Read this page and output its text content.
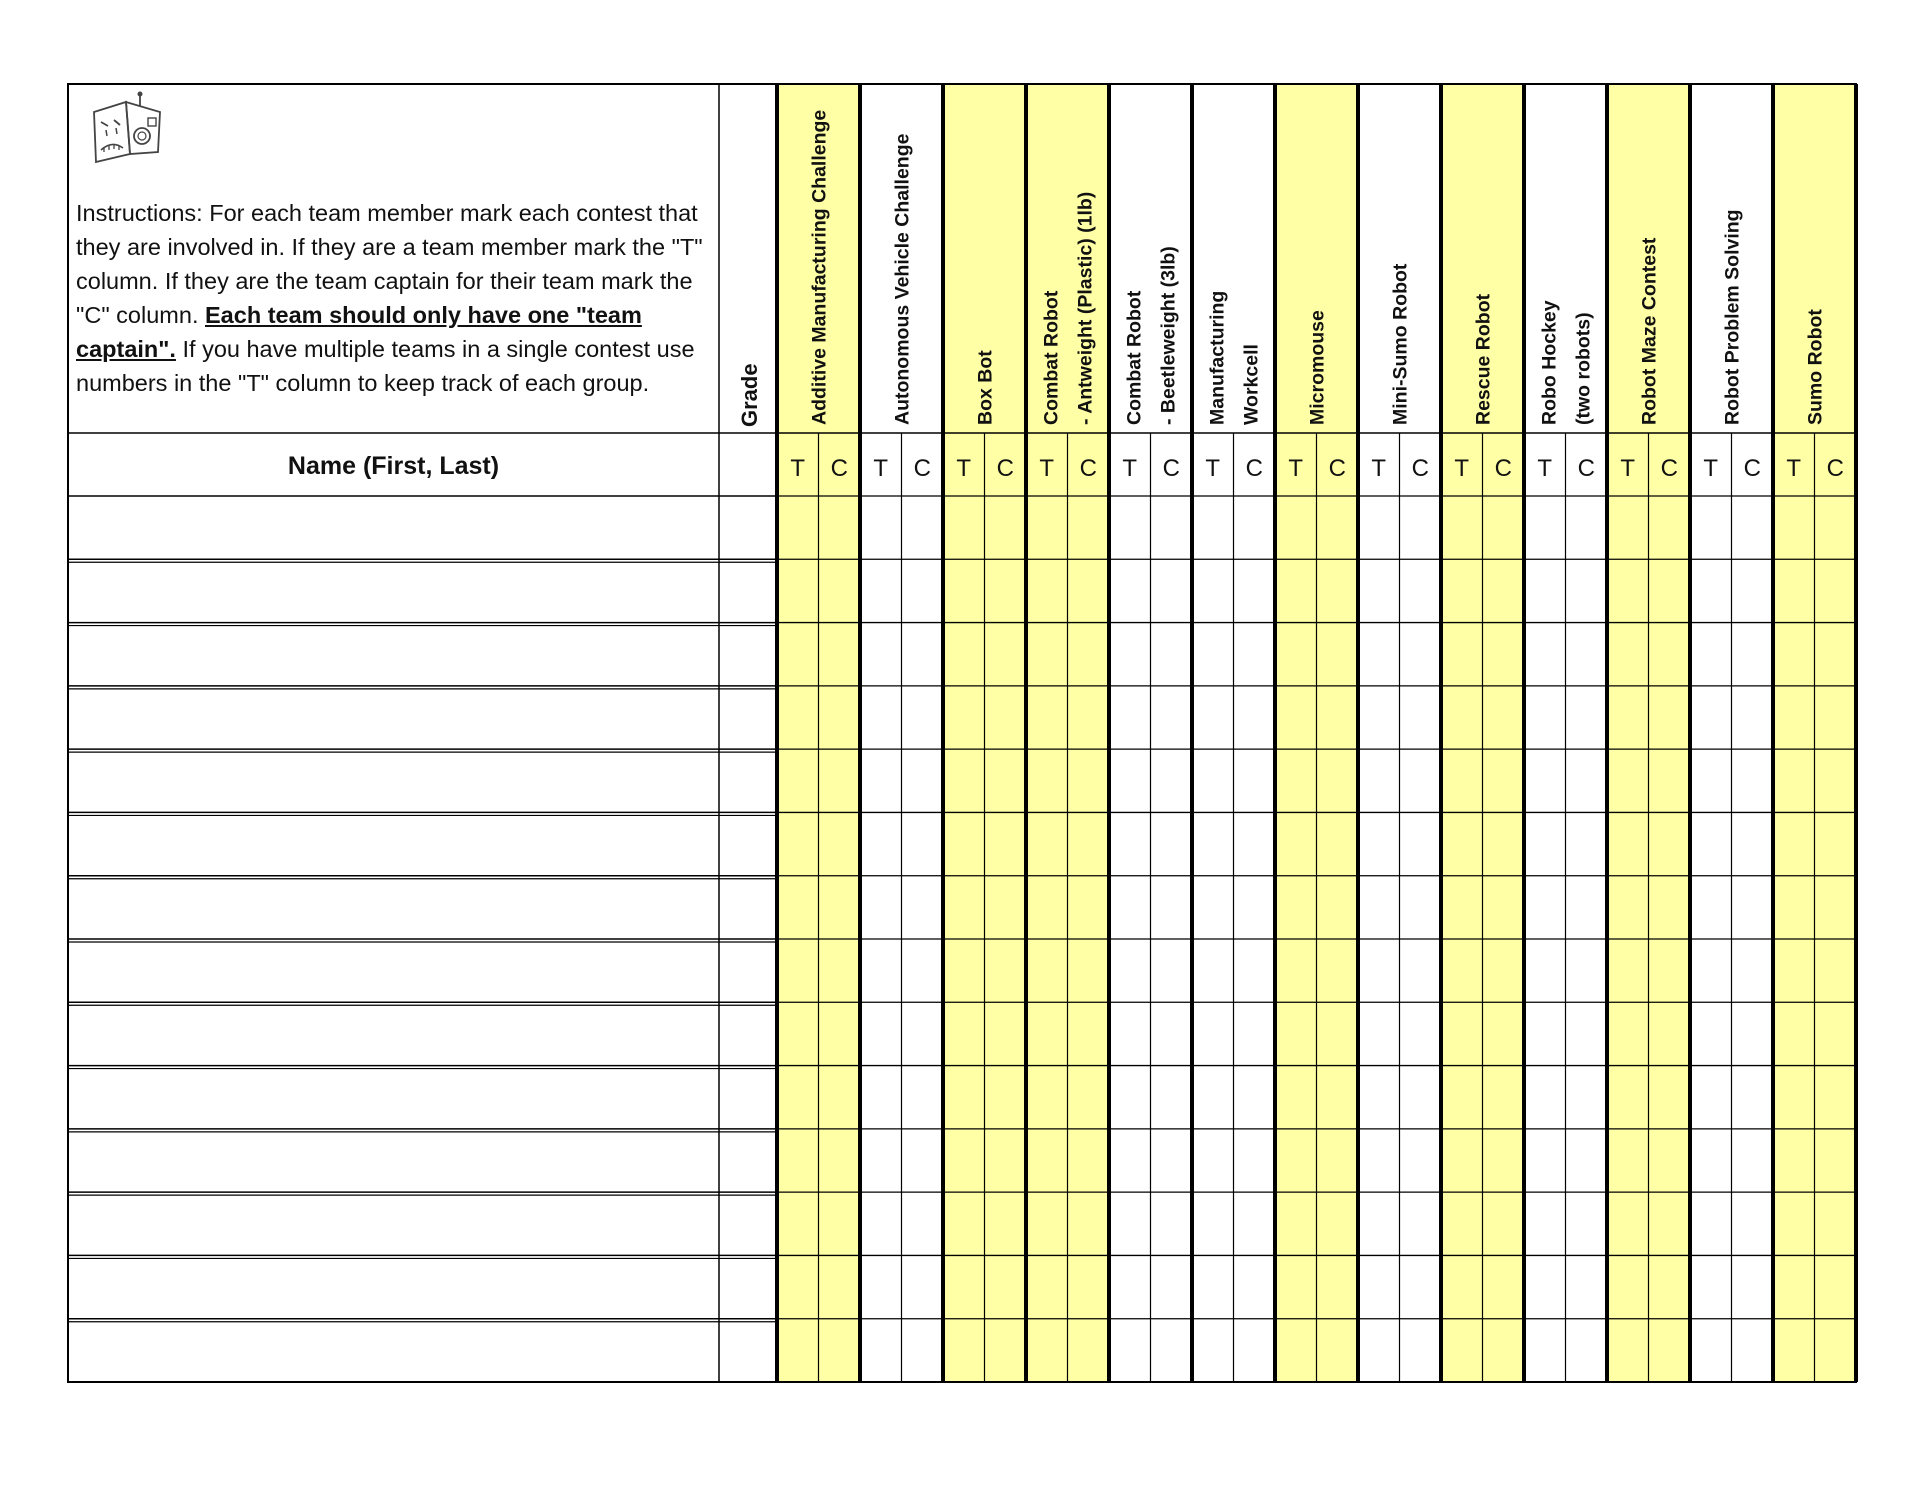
Instructions: For each team member mark each contest that they are involved in. If they are a team member mark the "T" column. If they are the team captain for their team mark the "C" column. Each team should only have one "team captain". If you have multiple teams in a single contest use numbers in the "T" column to keep track of each group.	Additive Manufacturing Challenge
T C
Autonomous Vehicle Challenge
T C
Box Bot
T C
Combat Robot - Antweight (Plastic) (1lb)
T C
Combat Robot - Beetleweight (3lb)
T C
Manufacturing Workcell
T C
Micromouse
T C
Mini-Sumo Robot
T C
Rescue Robot
T C
Robo Hockey (two robots)
T C
Robot Maze Contest
T C
Robot Problem Solving
T C
Sumo Robot
T C
Grade
Name (First, Last)
